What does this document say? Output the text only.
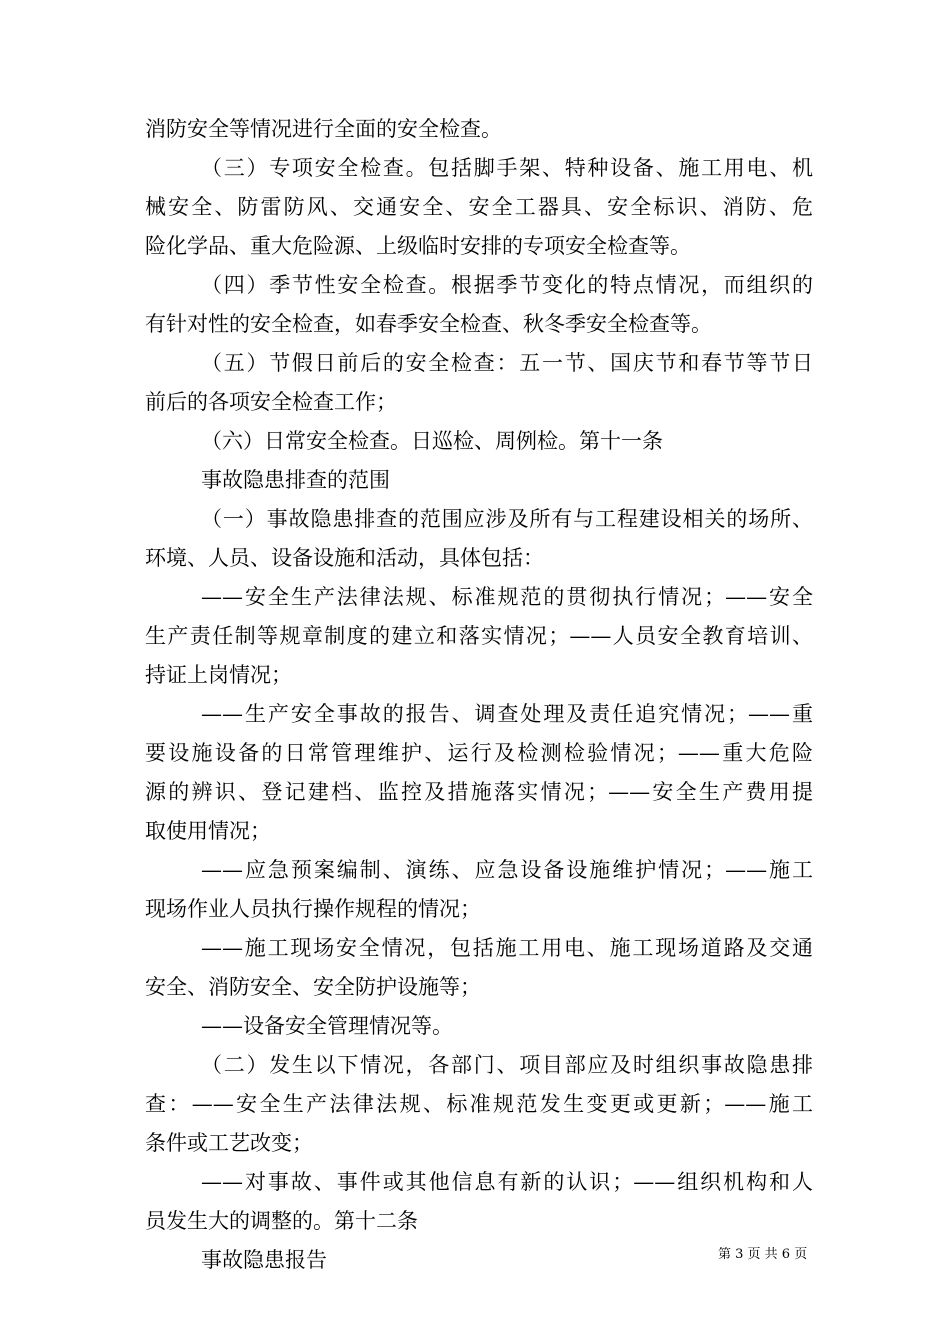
消防安全等情况进行全面的安全检查。
（三）专项安全检查。包括脚手架、特种设备、施工用电、机
械安全、防雷防风、交通安全、安全工器具、安全标识、消防、危
险化学品、重大危险源、上级临时安排的专项安全检查等。
（四）季节性安全检查。根据季节变化的特点情况，而组织的
有针对性的安全检查，如春季安全检查、秋冬季安全检查等。
（五）节假日前后的安全检查：五一节、国庆节和春节等节日
前后的各项安全检查工作；
（六）日常安全检查。日巡检、周例检。第十一条
事故隐患排查的范围
（一）事故隐患排查的范围应涉及所有与工程建设相关的场所、
环境、人员、设备设施和活动，具体包括：
——安全生产法律法规、标准规范的贯彻执行情况；——安全
生产责任制等规章制度的建立和落实情况；——人员安全教育培训、
持证上岗情况；
——生产安全事故的报告、调查处理及责任追究情况；——重
要设施设备的日常管理维护、运行及检测检验情况；——重大危险
源的辨识、登记建档、监控及措施落实情况；——安全生产费用提
取使用情况；
——应急预案编制、演练、应急设备设施维护情况；——施工
现场作业人员执行操作规程的情况；
——施工现场安全情况，包括施工用电、施工现场道路及交通
安全、消防安全、安全防护设施等；
——设备安全管理情况等。
（二）发生以下情况，各部门、项目部应及时组织事故隐患排
查：——安全生产法律法规、标准规范发生变更或更新；——施工
条件或工艺改变；
——对事故、事件或其他信息有新的认识；——组织机构和人
员发生大的调整的。第十二条
事故隐患报告	第 3 页 共 6 页
